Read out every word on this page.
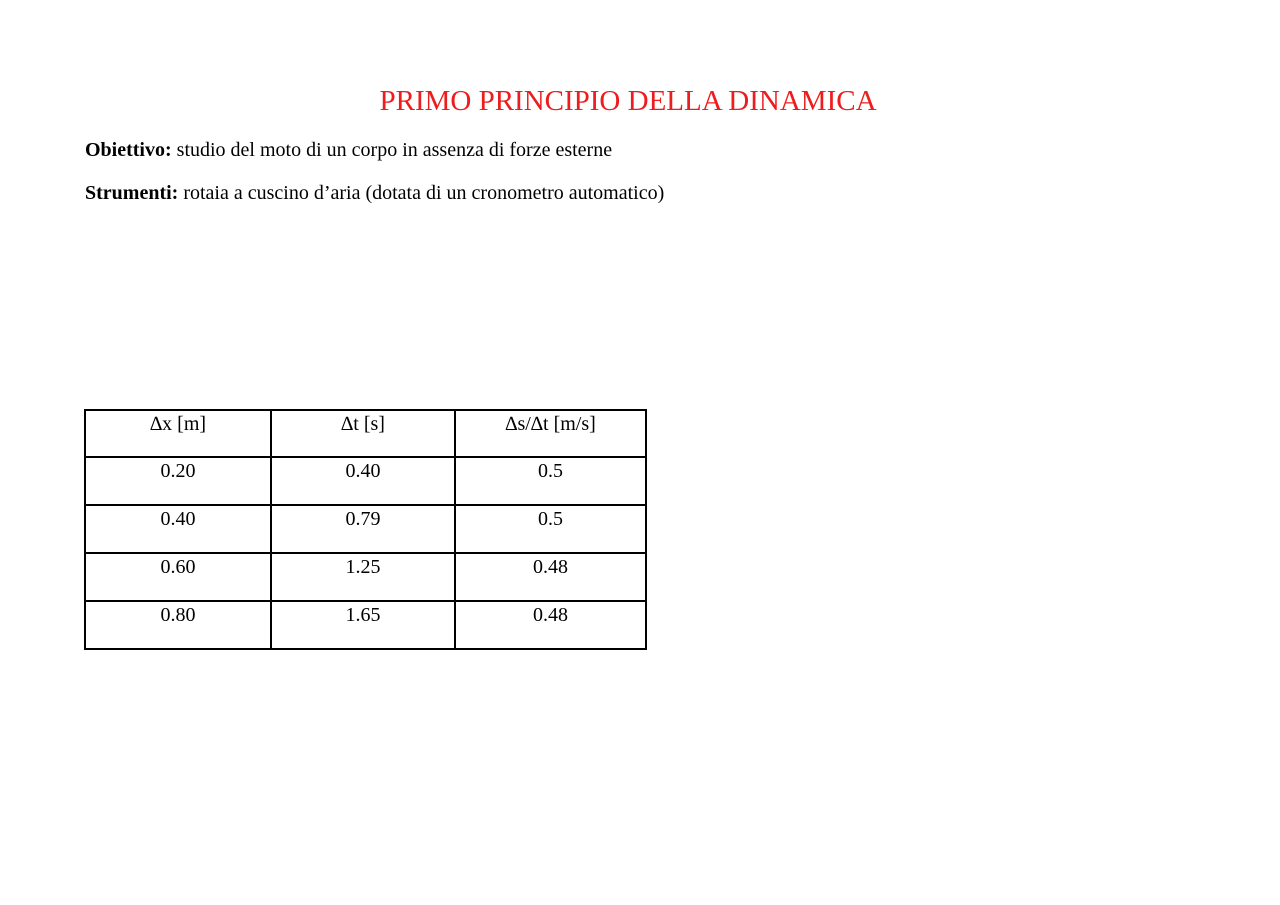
PRIMO PRINCIPIO DELLA DINAMICA

Obiettivo: studio del moto di un corpo in assenza di forze esterne

Strumenti: rotaia a cuscino d’aria (dotata di un cronometro automatico)

∆x [m]	∆t [s]	∆s/∆t [m/s]
0.20	0.40	0.5
0.40	0.79	0.5
0.60	1.25	0.48
0.80	1.65	0.48
